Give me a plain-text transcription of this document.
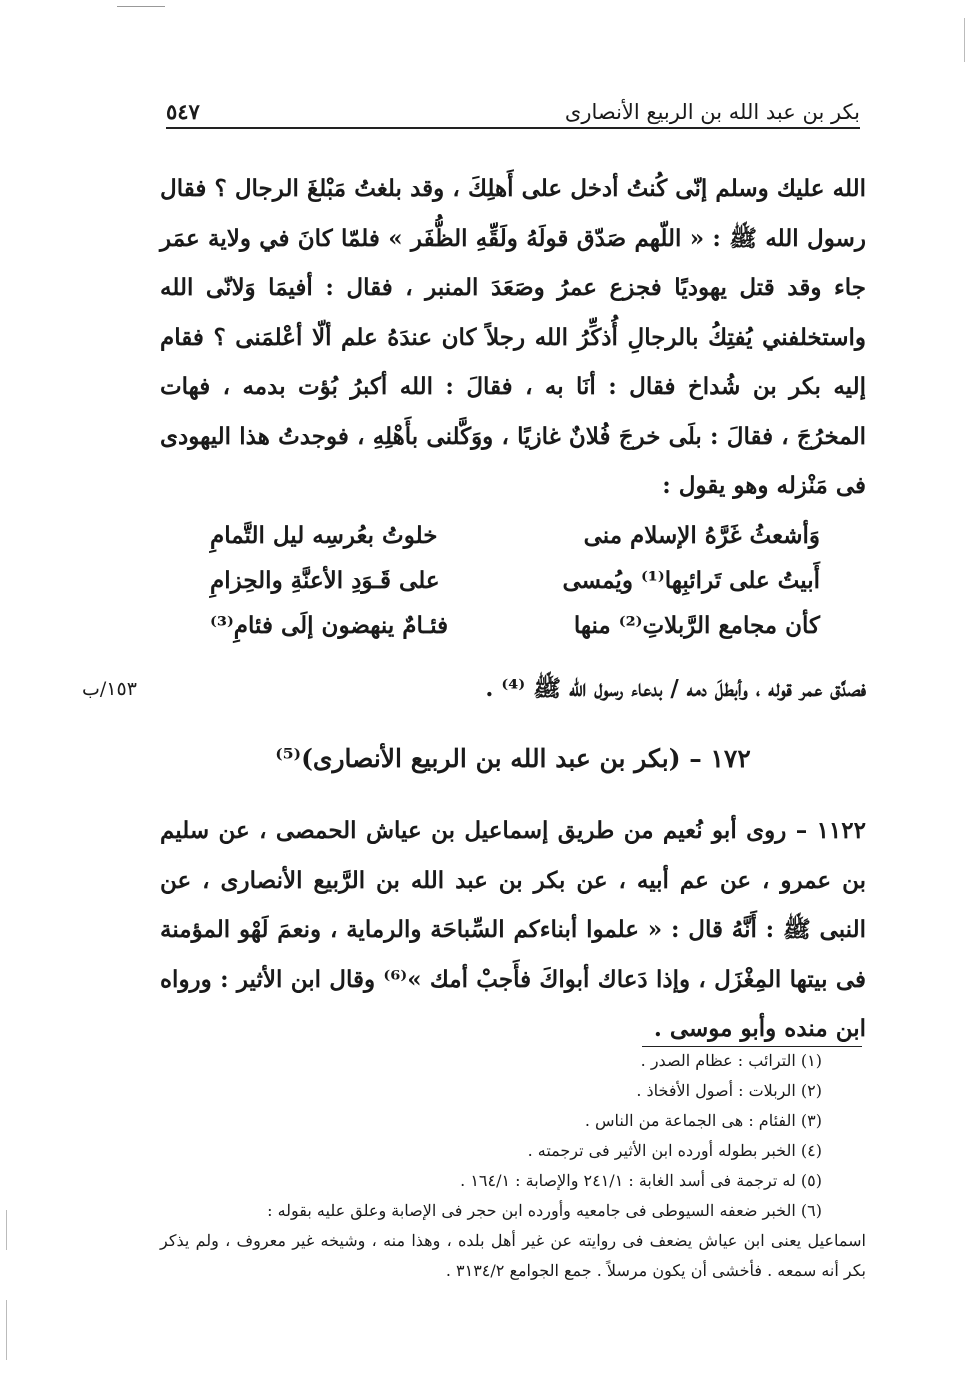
بكر بن عبد الله بن الربيع الأنصارى
٥٤٧
الله عليك وسلم إنّى كُنتُ أدخل على أَهلِكَ ، وقد بلغتُ مَبْلغَ الرجال ؟ فقال رسول الله ﷺ : « اللّهم صَدّق قولَهُ ولَقِّهِ الظُّفَر » فلمّا كانَ في ولاية عمَر جاء وقد قتل يهوديًا فجزع عمرُ وصَعَدَ المنبر ، فقال : أفيمَا وَلانّى الله واستخلفني يُفتِكُ بالرجالِ أُذكِّرُ الله رجلاً كان عندَهُ علم ألّا أعْلمَنى ؟ فقام إليه بكر بن شُداخ فقال : أنَا به ، فقالَ : الله أكبرُ بُؤت بدمه ، فهات المخرُجَ ، فقالَ : بلَى خرجَ فُلانٌ غازيًا ، ووَكَّلنى بأَهْلِهِ ، فوجدتُ هذا اليهودى فى مَنْزله وهو يقول :
وَأشعثُ غَرَّهُ الإسلام منى
خلوتُ بعُرسِه ليل التَّمامِ
أَبيتُ على تَرائبِها⁽¹⁾ ويُمسى
على قَـوَدِ الأعنَّةِ والحِزامِ
كأن مجامع الرَّبلاتِ⁽²⁾ منها
فئـامٌ ينهضون إلَى فئامِ⁽³⁾
فصدَّق عمر قوله ، وأبطلَ دمه / بدعاء رسول الله ﷺ ⁽⁴⁾ .
١٥٣/ب
١٧٢ – (بكر بن عبد الله بن الربيع الأنصارى)⁽⁵⁾
١١٢٢ – روى أبو نُعيم من طريق إسماعيل بن عياش الحمصى ، عن سليم بن عمرو ، عن عم أبيه ، عن بكر بن عبد الله بن الرَّبيع الأنصارى ، عن النبى ﷺ : أَنَّهُ قال : « علموا أبناءكم السِّباحَة والرماية ، ونعمَ لَهْو المؤمنة فى بيتها المِغْزَل ، وإذا دَعاك أبواكَ فأَجبْ أمك »⁽⁶⁾ وقال ابن الأثير : ورواه ابن منده وأبو موسى .
(١) الترائب : عظام الصدر .
(٢) الربلات : أصول الأفخاذ .
(٣) الفئام : هى الجماعة من الناس .
(٤) الخبر بطوله أورده ابن الأثير فى ترجمته .
(٥) له ترجمة فى أسد الغابة : ٢٤١/١ والإصابة : ١٦٤/١ .
(٦) الخبر ضعفه السيوطى فى جامعيه وأورده ابن حجر فى الإصابة وعلق عليه بقوله :
اسماعيل يعنى ابن عياش يضعف فى روايته عن غير أهل بلده ، وهذا منه ، وشيخه غير معروف ، ولم يذكر بكر أنه سمعه . فأخشى أن يكون مرسلاً . جمع الجوامع ٣١٣٤/٢ .
